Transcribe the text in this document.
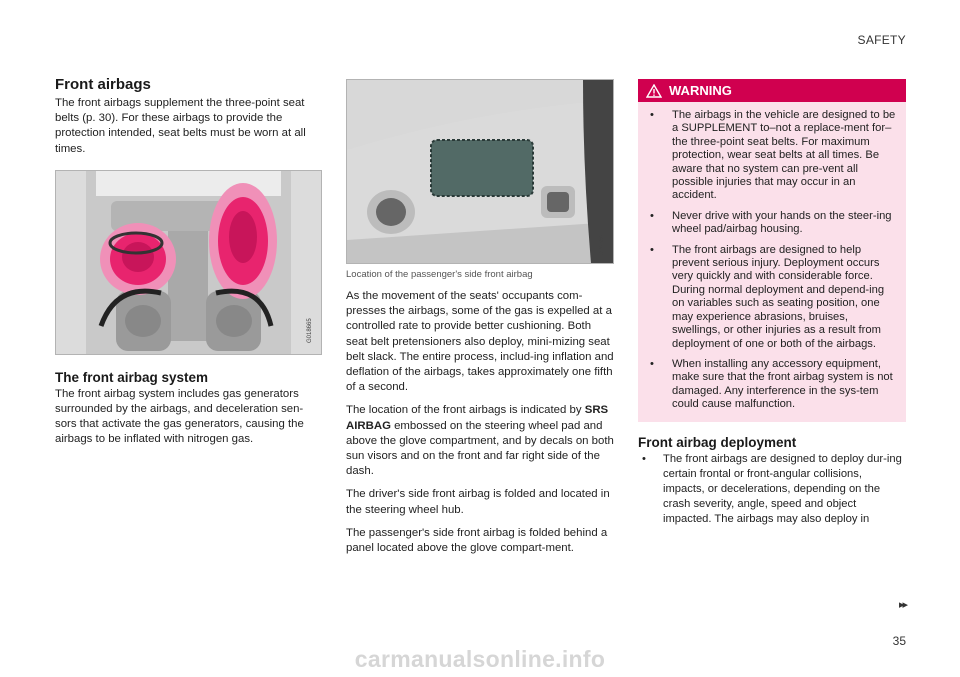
SAFETY
Front airbags

The front airbags supplement the three-point seat belts (p. 30). For these airbags to provide the protection intended, seat belts must be worn at all times.

G018665
The front airbag system

The front airbag system includes gas generators surrounded by the airbags, and deceleration sen-sors that activate the gas generators, causing the airbags to be inflated with nitrogen gas.

G043544
Location of the passenger's side front airbag

As the movement of the seats' occupants com-presses the airbags, some of the gas is expelled at a controlled rate to provide better cushioning. Both seat belt pretensioners also deploy, mini-mizing seat belt slack. The entire process, includ-ing inflation and deflation of the airbags, takes approximately one fifth of a second.

The location of the front airbags is indicated by SRS AIRBAG embossed on the steering wheel pad and above the glove compartment, and by decals on both sun visors and on the front and far right side of the dash.

The driver's side front airbag is folded and located in the steering wheel hub.

The passenger's side front airbag is folded behind a panel located above the glove compart-ment.

WARNING
• The airbags in the vehicle are designed to be a SUPPLEMENT to–not a replace-ment for–the three-point seat belts. For maximum protection, wear seat belts at all times. Be aware that no system can pre-vent all possible injuries that may occur in an accident.
• Never drive with your hands on the steer-ing wheel pad/airbag housing.
• The front airbags are designed to help prevent serious injury. Deployment occurs very quickly and with considerable force. During normal deployment and depend-ing on variables such as seating position, one may experience abrasions, bruises, swellings, or other injuries as a result from deployment of one or both of the airbags.
• When installing any accessory equipment, make sure that the front airbag system is not damaged. Any interference in the sys-tem could cause malfunction.
Front airbag deployment
• The front airbags are designed to deploy dur-ing certain frontal or front-angular collisions, impacts, or decelerations, depending on the crash severity, angle, speed and object impacted. The airbags may also deploy in
▸▸
35
carmanualsonline.info
